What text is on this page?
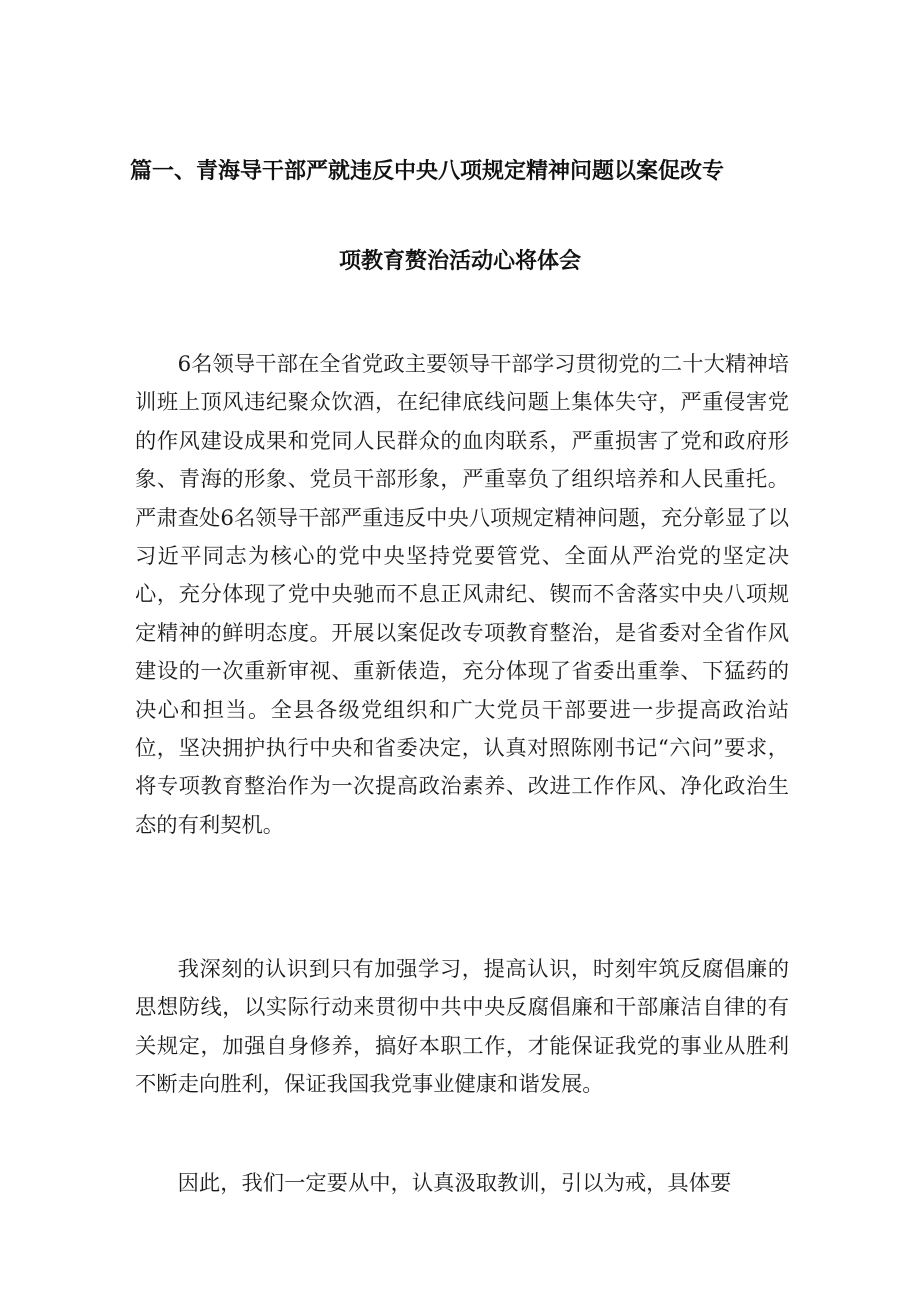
篇一、青海导干部严就违反中央八项规定精神问题以案促改专
项教育赘治活动心将体会

6名领导干部在全省党政主要领导干部学习贯彻党的二十大精神培训班上顶风违纪聚众饮酒，在纪律底线问题上集体失守，严重侵害党的作风建设成果和党同人民群众的血肉联系，严重损害了党和政府形象、青海的形象、党员干部形象，严重辜负了组织培养和人民重托。严肃查处6名领导干部严重违反中央八项规定精神问题，充分彰显了以习近平同志为核心的党中央坚持党要管党、全面从严治党的坚定决心，充分体现了党中央驰而不息正风肃纪、锲而不舍落实中央八项规定精神的鲜明态度。开展以案促改专项教育整治，是省委对全省作风建设的一次重新审视、重新俵造，充分体现了省委出重拳、下猛药的决心和担当。全县各级党组织和广大党员干部要进一步提高政治站位，坚决拥护执行中央和省委决定，认真对照陈刚书记“六问”要求，将专项教育整治作为一次提高政治素养、改进工作作风、净化政治生态的有利契机。

我深刻的认识到只有加强学习，提高认识，时刻牢筑反腐倡廉的思想防线，以实际行动来贯彻中共中央反腐倡廉和干部廉洁自律的有关规定，加强自身修养，搞好本职工作，才能保证我党的事业从胜利不断走向胜利，保证我国我党事业健康和谐发展。

因此，我们一定要从中，认真汲取教训，引以为戒，具体要
